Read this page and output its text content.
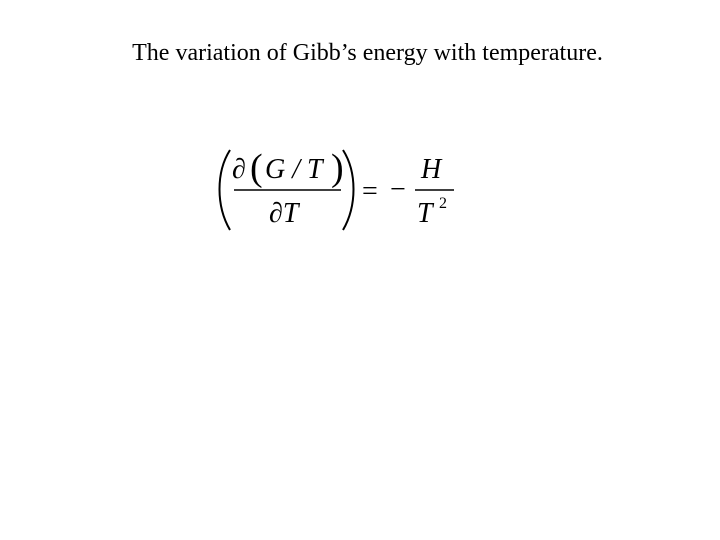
The variation of Gibb’s energy with temperature.
∂ ( G / T )
∂T
= −
H
T 2
